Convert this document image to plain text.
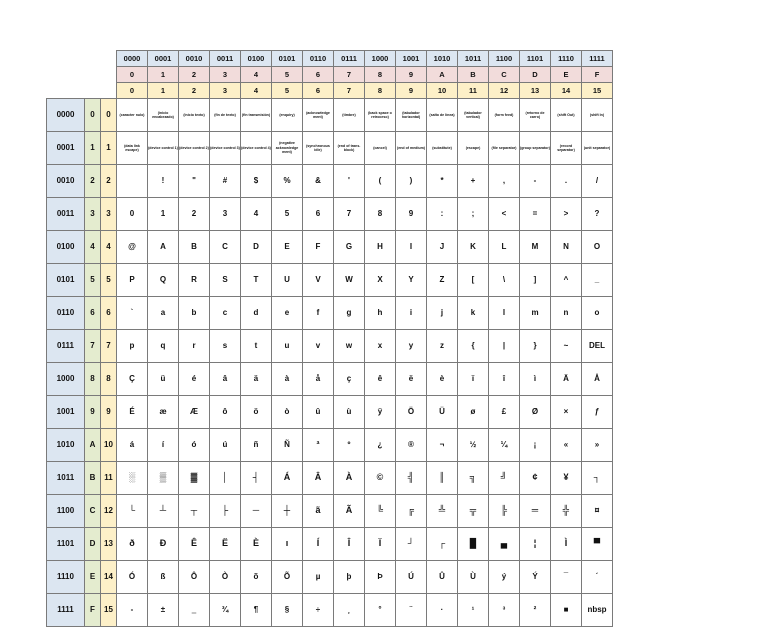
			0000	0001	0010	0011	0100	0101	0110	0111	1000	1001	1010	1011	1100	1101	1110	1111
			0	1	2	3	4	5	6	7	8	9	A	B	C	D	E	F
			0	1	2	3	4	5	6	7	8	9	10	11	12	13	14	15
0000	0	0	(caracter nulo)	(inicio encabezado)	(inicio texto)	(fin de texto)	(fin transmisión)	(enquiry)	(acknowledge ment)	(timbre)	(back space o retroceso)	(tabulador horizontal)	(salto de línea)	(tabulador vertical)	(form feed)	(retorno de carro)	(shift Out)	(shift In)
0001	1	1	(data link escape)	(device control 1)	(device control 2)	(device control 3)	(device control 4)	(negative acknowledge ment)	(synchronous idle)	(end of trans. block)	(cancel)	(end of medium)	(substitute)	(escape)	(file separator)	(group separator)	(record separator)	(unit separator)
0010	2	2		!	"	#	$	%	&	'	(	)	*	+	,	-	.	/
0011	3	3	0	1	2	3	4	5	6	7	8	9	:	;	<	=	>	?
0100	4	4	@	A	B	C	D	E	F	G	H	I	J	K	L	M	N	O
0101	5	5	P	Q	R	S	T	U	V	W	X	Y	Z	[	\	]	^	_
0110	6	6	`	a	b	c	d	e	f	g	h	i	j	k	l	m	n	o
0111	7	7	p	q	r	s	t	u	v	w	x	y	z	{	|	}	~	DEL
1000	8	8	Ç	ü	é	â	ä	à	å	ç	ê	ë	è	ï	î	ì	Ä	Å
1001	9	9	É	æ	Æ	ô	ö	ò	û	ù	ÿ	Ö	Ü	ø	£	Ø	×	ƒ
1010	A	10	á	í	ó	ú	ñ	Ñ	ª	º	¿	®	¬	½	¼	¡	«	»
1011	B	11	░	▒	▓	│	┤	Á	Â	À	©	╣	║	╗	╝	¢	¥	┐
1100	C	12	└	┴	┬	├	─	┼	ã	Ã	╚	╔	╩	╦	╠	═	╬	¤
1101	D	13	ð	Ð	Ê	Ë	È	ı	Í	Î	Ï	┘	┌	█	▄	¦	Ì	▀
1110	E	14	Ó	ß	Ô	Ò	õ	Õ	µ	þ	Þ	Ú	Û	Ù	ý	Ý	¯	´
1111	F	15	-	±	‗	¾	¶	§	÷	¸	°	¨	·	¹	³	²	■	nbsp
